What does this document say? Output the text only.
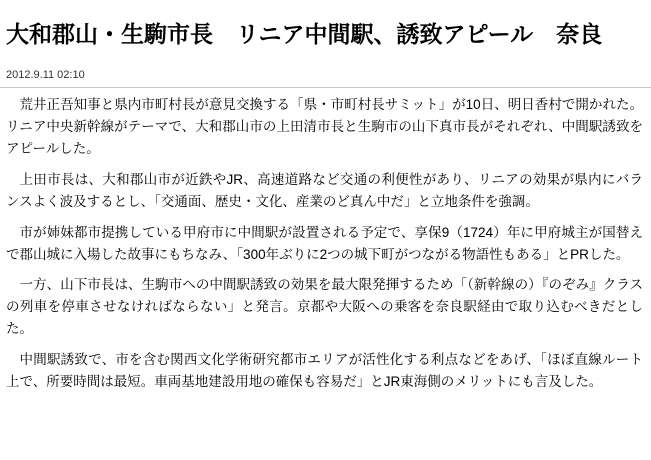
大和郡山・生駒市長　リニア中間駅、誘致アピール　奈良
2012.9.11 02:10

荒井正吾知事と県内市町村長が意見交換する「県・市町村長サミット」が10日、明日香村で開かれた。リニア中央新幹線がテーマで、大和郡山市の上田清市長と生駒市の山下真市長がそれぞれ、中間駅誘致をアピールした。

上田市長は、大和郡山市が近鉄やJR、高速道路など交通の利便性があり、リニアの効果が県内にバランスよく波及するとし、「交通面、歴史・文化、産業のど真ん中だ」と立地条件を強調。

市が姉妹都市提携している甲府市に中間駅が設置される予定で、享保9（1724）年に甲府城主が国替えで郡山城に入場した故事にもちなみ、「300年ぶりに2つの城下町がつながる物語性もある」とPRした。

一方、山下市長は、生駒市への中間駅誘致の効果を最大限発揮するため「（新幹線の）『のぞみ』クラスの列車を停車させなければならない」と発言。京都や大阪への乗客を奈良駅経由で取り込むべきだとした。

中間駅誘致で、市を含む関西文化学術研究都市エリアが活性化する利点などをあげ、「ほぼ直線ルート上で、所要時間は最短。車両基地建設用地の確保も容易だ」とJR東海側のメリットにも言及した。
